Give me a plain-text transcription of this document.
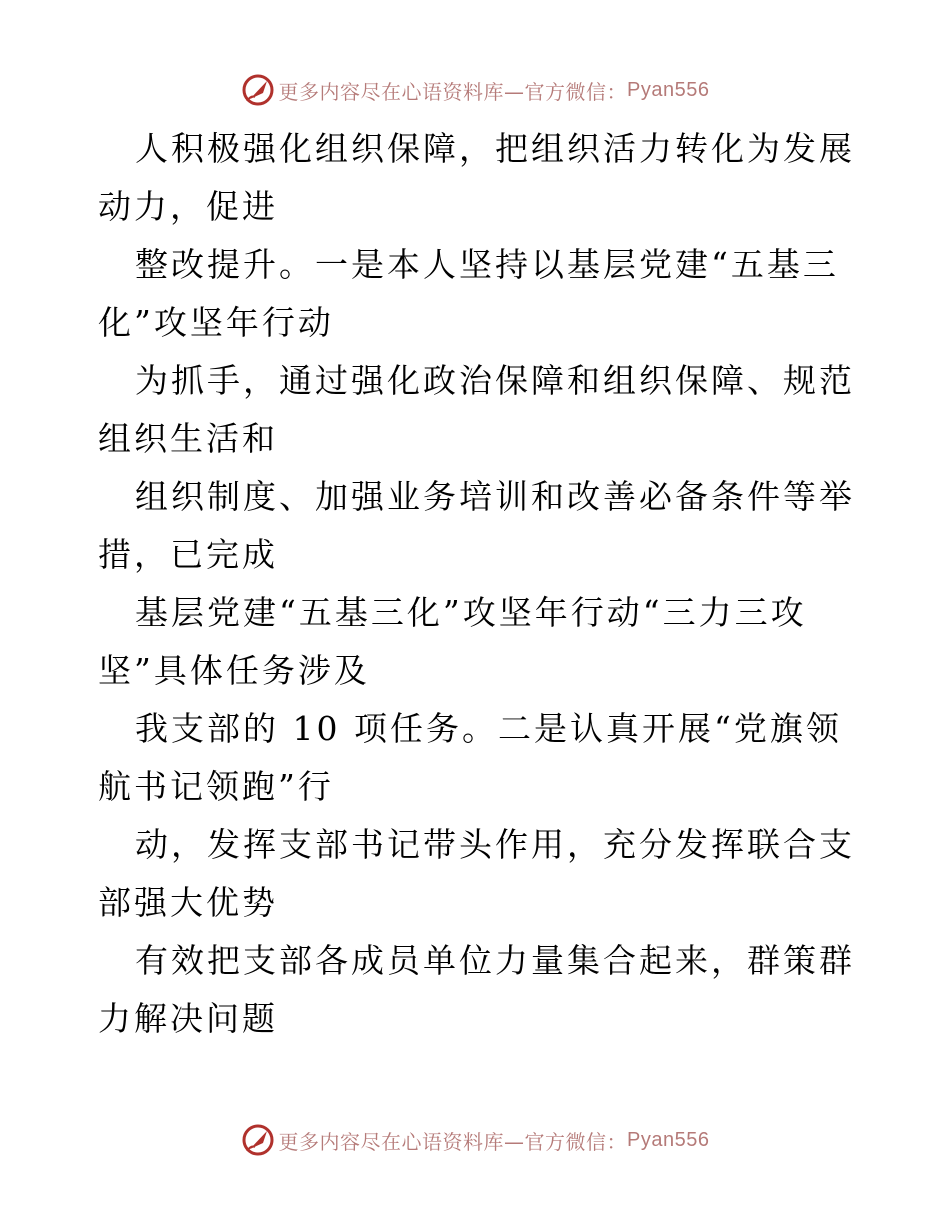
更多内容尽在心语资料库—官方微信： Pyan556

人积极强化组织保障，把组织活力转化为发展动力，促进

整改提升。一是本人坚持以基层党建“五基三化”攻坚年行动

为抓手，通过强化政治保障和组织保障、规范组织生活和

组织制度、加强业务培训和改善必备条件等举措，已完成

基层党建“五基三化”攻坚年行动“三力三攻坚”具体任务涉及

我支部的 10 项任务。二是认真开展“党旗领航书记领跑”行

动，发挥支部书记带头作用，充分发挥联合支部强大优势

有效把支部各成员单位力量集合起来，群策群力解决问题

更多内容尽在心语资料库—官方微信： Pyan556
